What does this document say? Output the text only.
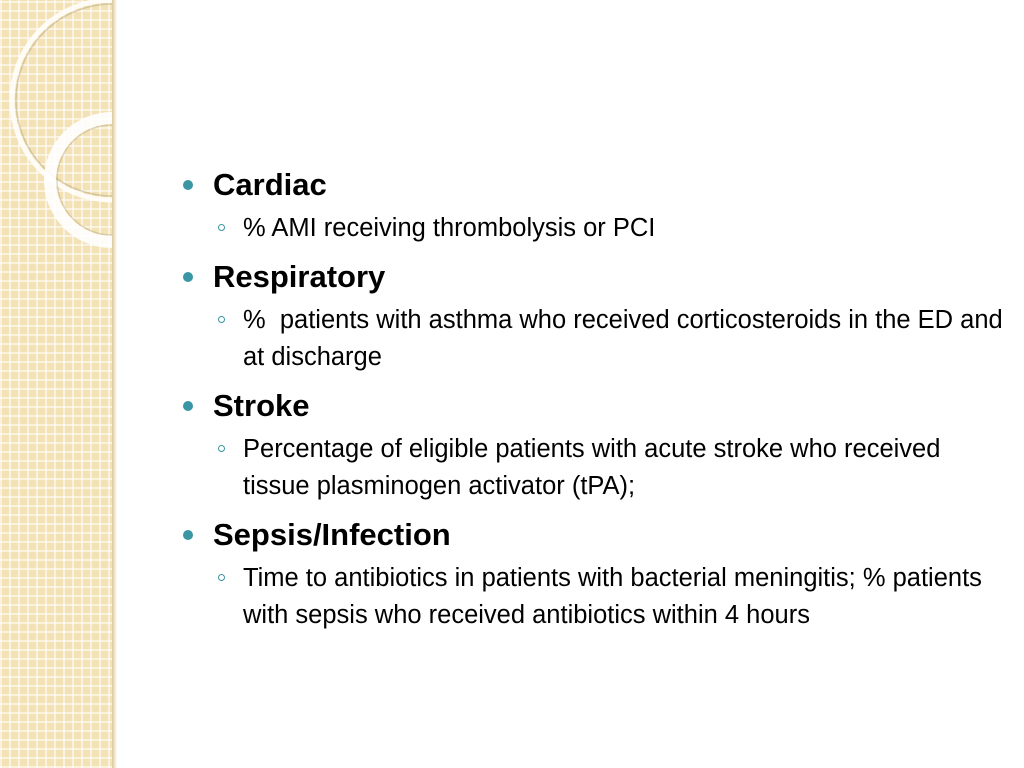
Cardiac
% AMI receiving thrombolysis or PCI
Respiratory
%  patients with asthma who received corticosteroids in the ED and at discharge
Stroke
Percentage of eligible patients with acute stroke who received tissue plasminogen activator (tPA);
Sepsis/Infection
Time to antibiotics in patients with bacterial meningitis; % patients with sepsis who received antibiotics within 4 hours
